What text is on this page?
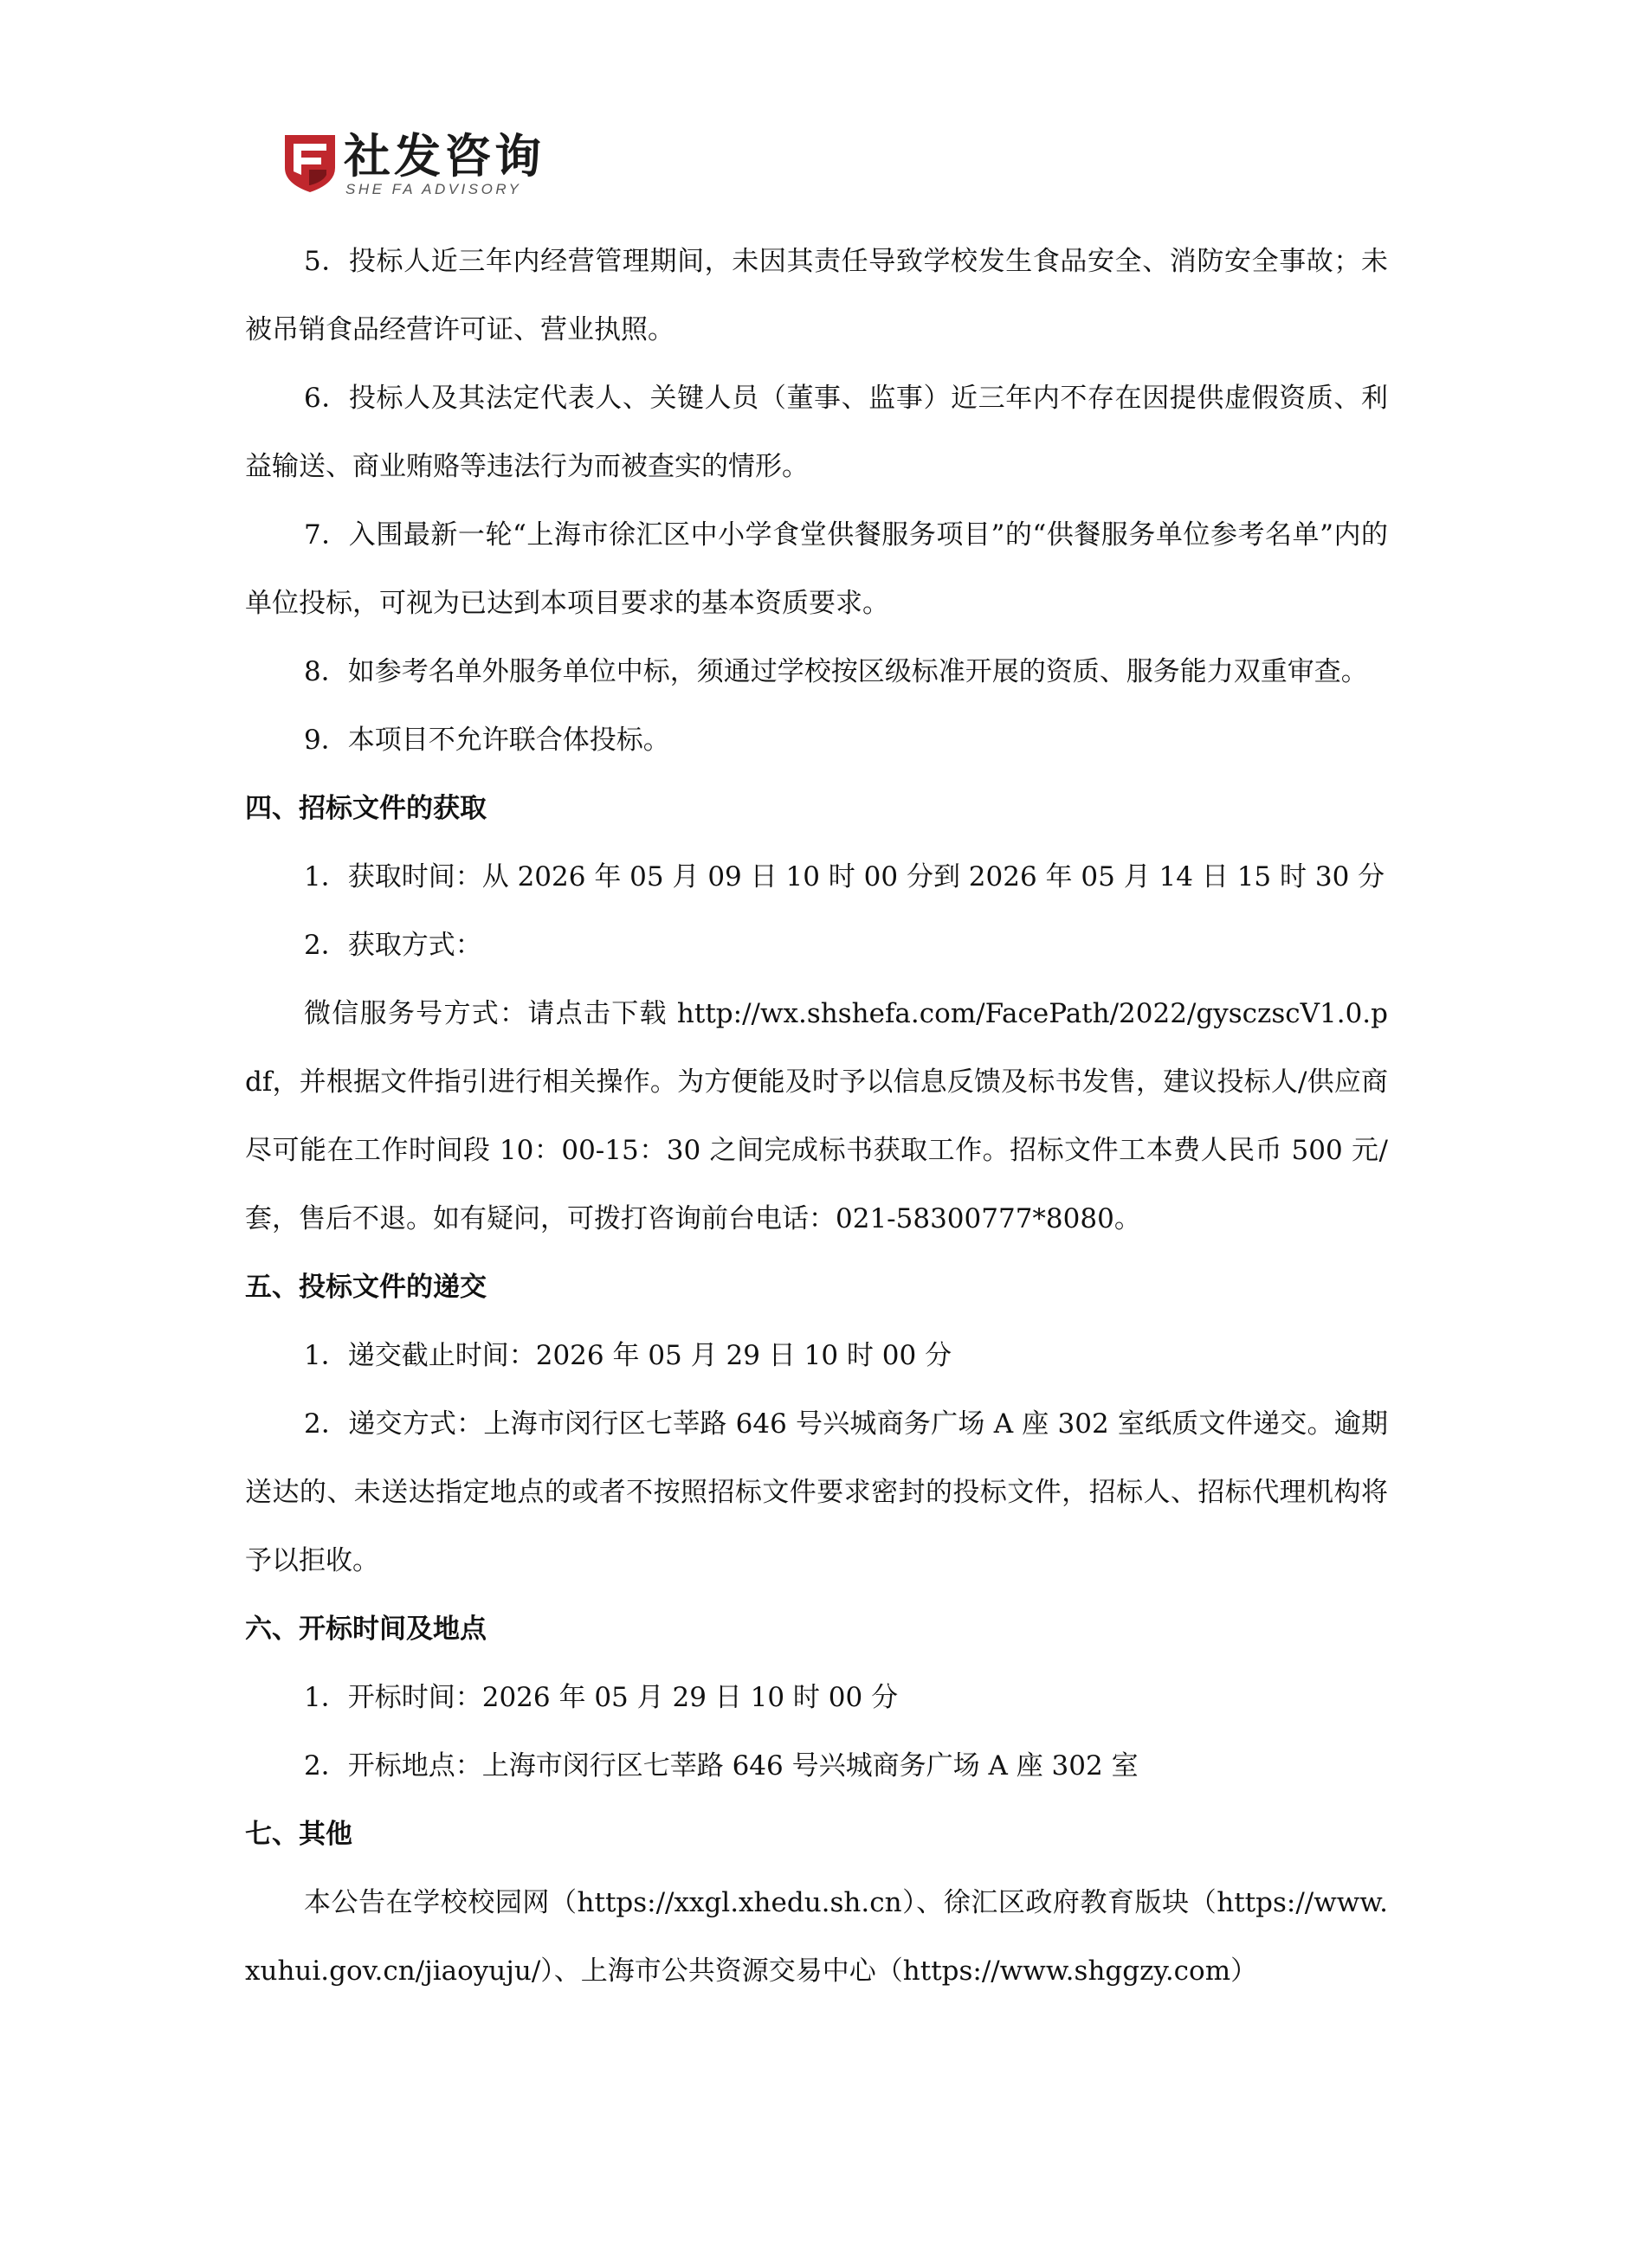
社发咨询
SHE FA ADVISORY

5．投标人近三年内经营管理期间，未因其责任导致学校发生食品安全、消防安全事故；未被吊销食品经营许可证、营业执照。

6．投标人及其法定代表人、关键人员（董事、监事）近三年内不存在因提供虚假资质、利益输送、商业贿赂等违法行为而被查实的情形。

7．入围最新一轮“上海市徐汇区中小学食堂供餐服务项目”的“供餐服务单位参考名单”内的单位投标，可视为已达到本项目要求的基本资质要求。

8．如参考名单外服务单位中标，须通过学校按区级标准开展的资质、服务能力双重审查。

9．本项目不允许联合体投标。

四、招标文件的获取

1．获取时间：从 2026 年 05 月 09 日 10 时 00 分到 2026 年 05 月 14 日 15 时 30 分

2．获取方式：

微信服务号方式：请点击下载 http://wx.shshefa.com/FacePath/2022/gysczscV1.0.pdf，并根据文件指引进行相关操作。为方便能及时予以信息反馈及标书发售，建议投标人/供应商尽可能在工作时间段 10：00-15：30 之间完成标书获取工作。招标文件工本费人民币 500 元/套，售后不退。如有疑问，可拨打咨询前台电话：021-58300777*8080。

五、投标文件的递交

1．递交截止时间：2026 年 05 月 29 日 10 时 00 分

2．递交方式：上海市闵行区七莘路 646 号兴城商务广场 A 座 302 室纸质文件递交。逾期送达的、未送达指定地点的或者不按照招标文件要求密封的投标文件，招标人、招标代理机构将予以拒收。

六、开标时间及地点

1．开标时间：2026 年 05 月 29 日 10 时 00 分

2．开标地点：上海市闵行区七莘路 646 号兴城商务广场 A 座 302 室

七、其他

本公告在学校校园网（https://xxgl.xhedu.sh.cn）、徐汇区政府教育版块（https://www.xuhui.gov.cn/jiaoyuju/）、上海市公共资源交易中心（https://www.shggzy.com）
